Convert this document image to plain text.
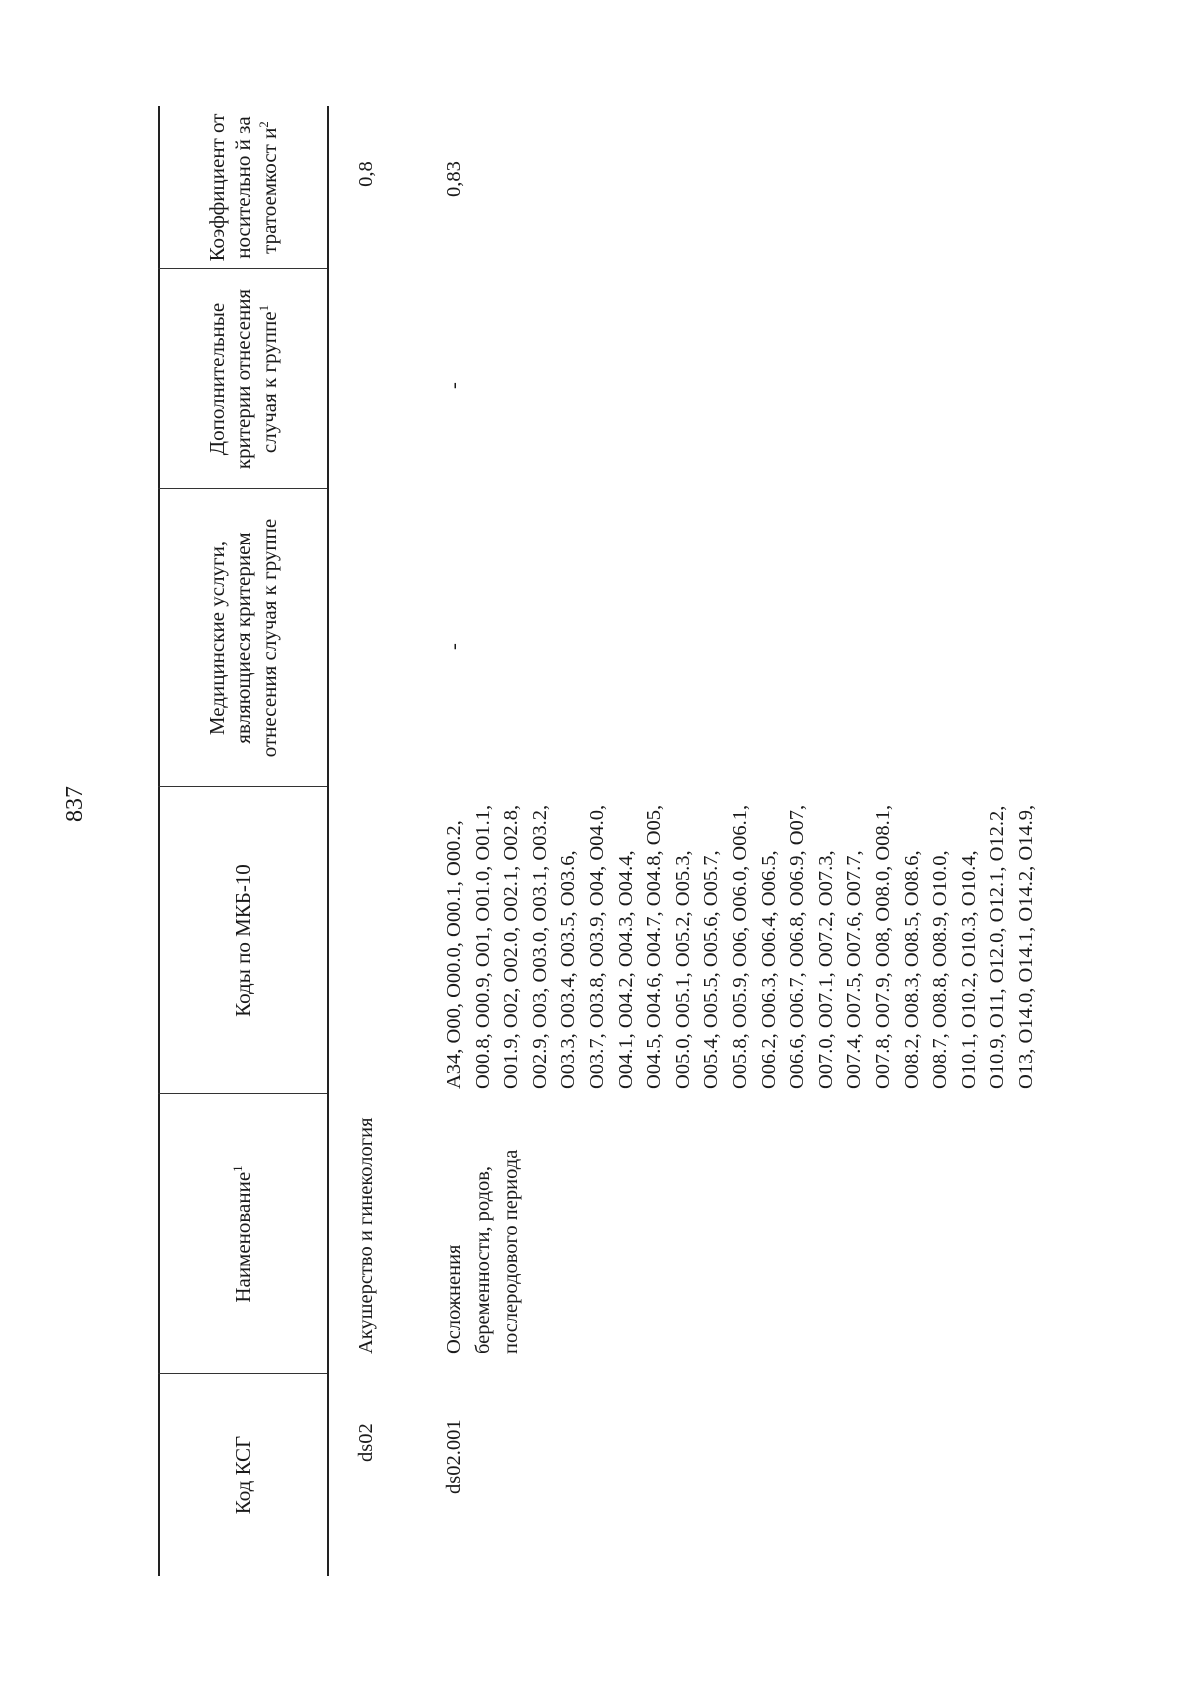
837
Код КСГ
Наименование$^1$
Коды по МКБ-10
Медицинские услуги, являющиеся критерием отнесения случая к группе
Дополнительные критерии отнесения случая к группе$^1$
Коэффициент относительно й затратоемкост $и^2$
ds02
Акушерство и гинекология
0,8
ds02.001
Осложнения беременности, родов, послеродового периода
A34, O00, O00.0, O00.1, O00.2,
O00.8, O00.9, O01, O01.0, O01.1,
O01.9, O02, O02.0, O02.1, O02.8,
O02.9, O03, O03.0, O03.1, O03.2,
O03.3, O03.4, O03.5, O03.6,
O03.7, O03.8, O03.9, O04, O04.0,
O04.1, O04.2, O04.3, O04.4,
O04.5, O04.6, O04.7, O04.8, O05,
O05.0, O05.1, O05.2, O05.3,
O05.4, O05.5, O05.6, O05.7,
O05.8, O05.9, O06, O06.0, O06.1,
O06.2, O06.3, O06.4, O06.5,
O06.6, O06.7, O06.8, O06.9, O07,
O07.0, O07.1, O07.2, O07.3,
O07.4, O07.5, O07.6, O07.7,
O07.8, O07.9, O08, O08.0, O08.1,
O08.2, O08.3, O08.5, O08.6,
O08.7, O08.8, O08.9, O10.0,
O10.1, O10.2, O10.3, O10.4,
O10.9, O11, O12.0, O12.1, O12.2,
O13, O14.0, O14.1, O14.2, O14.9,
-
-
0,83
